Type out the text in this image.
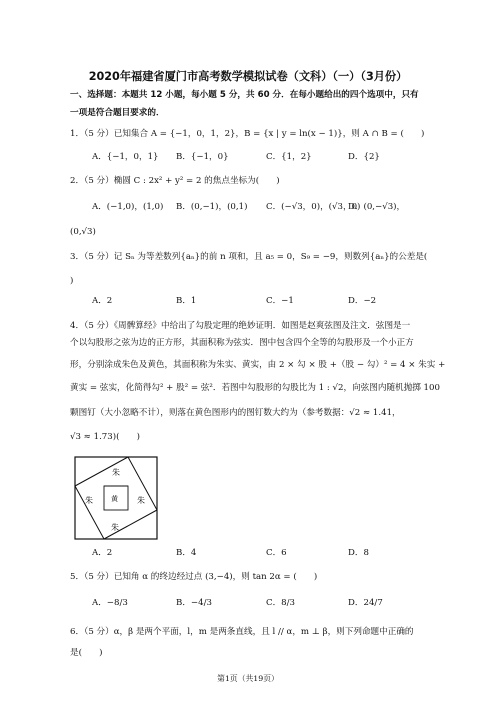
2020年福建省厦门市高考数学模拟试卷（文科）（一）（3月份）
一、选择题：本题共 12 小题，每小题 5 分，共 60 分．在每小题给出的四个选项中，只有
一项是符合题目要求的．
1．（5 分）已知集合 A = {−1，0，1，2}，B = {x | y = ln(x − 1)}，则 A ∩ B = (　　)
A．{−1，0，1} B．{−1，0}	C．{1，2}	D．{2}
2．（5 分）椭圆 C : 2x² + y² = 2 的焦点坐标为(　　)
A．(−1,0)，(1,0) B．(0,−1)，(0,1) C．(−√3，0)，(√3，0)
D．(0,−√3)，
(0,√3)
3．（5 分）记 Sₙ 为等差数列{aₙ}的前 n 项和，且 a₅ = 0，S₉ = −9，则数列{aₙ}的公差是(
)
A．2	B．1	C．−1	D．−2
4．（5 分）《周髀算经》中给出了勾股定理的绝妙证明．如图是赵爽弦图及注文．弦图是一
个以勾股形之弦为边的正方形，其面积称为弦实．图中包含四个全等的勾股形及一个小正方
形，分别涂成朱色及黄色，其面积称为朱实、黄实，由 2 × 勾 × 股 +（股 − 勾）² = 4 × 朱实 +
黄实 = 弦实，化简得勾² + 股² = 弦²．若图中勾股形的勾股比为 1 : √2，向弦图内随机抛掷 100
颗图钉（大小忽略不计），则落在黄色图形内的图钉数大约为（参考数据：√2 ≈ 1.41，
√3 ≈ 1.73)(　　)
朱
朱
朱
朱	黄
A．2	B．4	C．6	D．8
5．（5 分）已知角 α 的终边经过点 (3,−4)，则 tan 2α = (　　)
A．−8/3	B．−4/3	C．8/3	D．24/7
6．（5 分）α，β 是两个平面，l，m 是两条直线，且 l // α，m ⊥ β，则下列命题中正确的
是(　　)
第1页（共19页）
